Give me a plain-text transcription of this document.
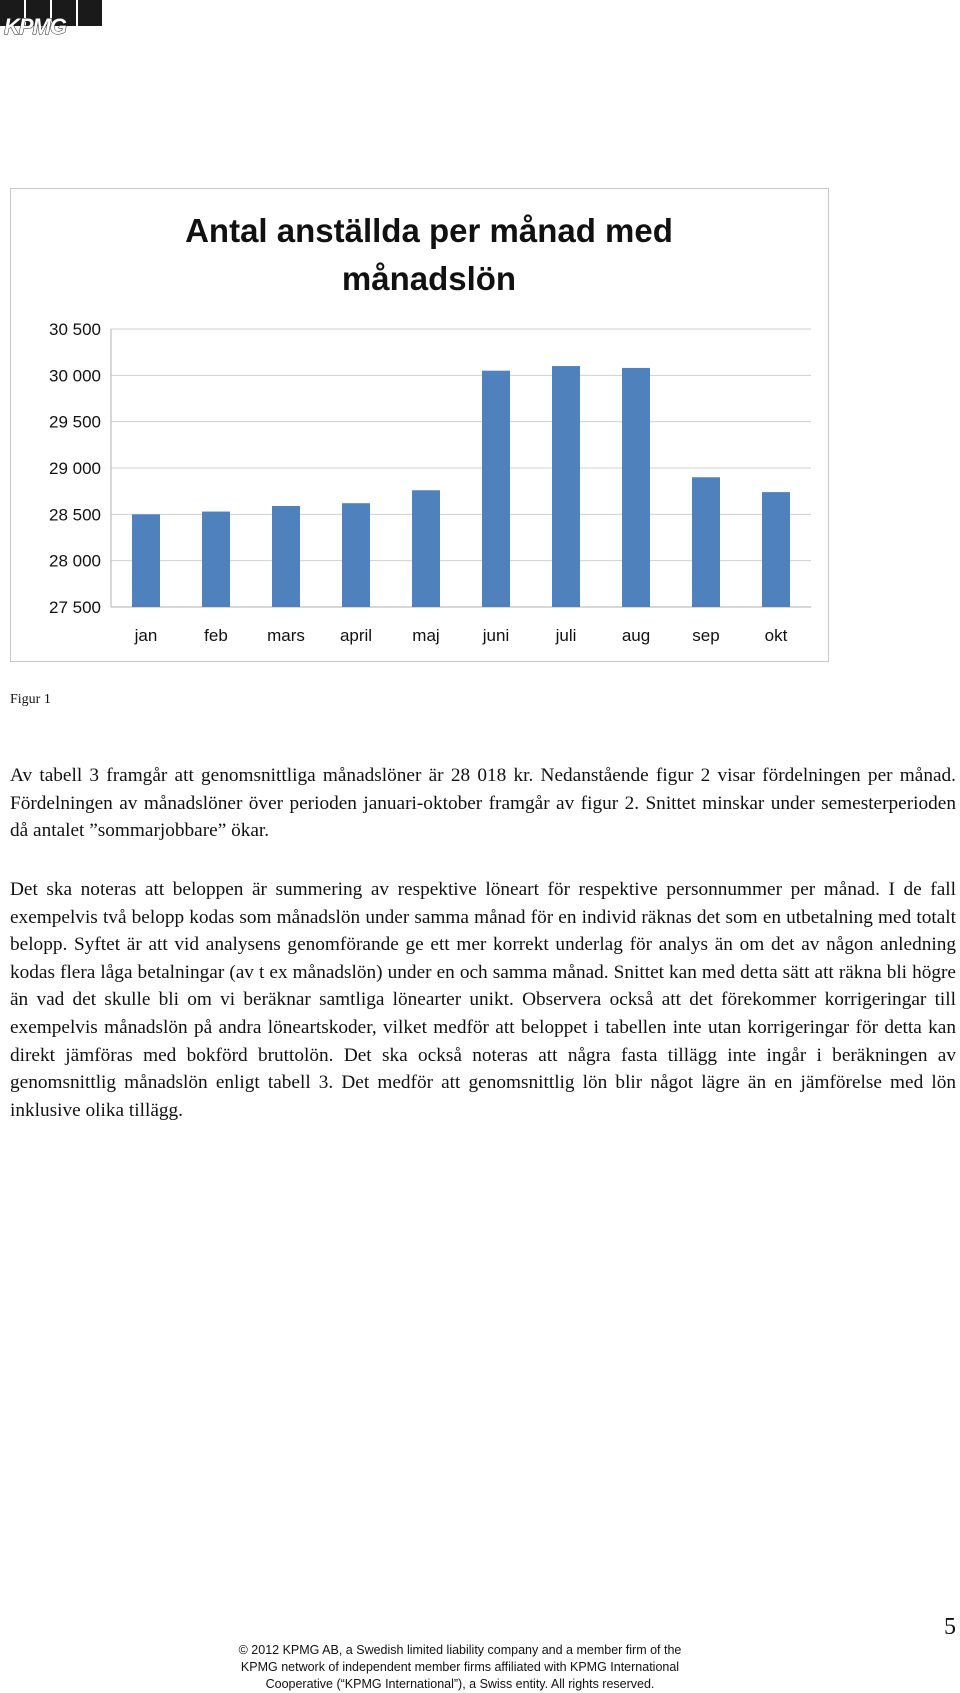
KPMG
Antal anställda per månad med
månadslön
30 500
30 000
29 500
29 000
28 500
28 000
27 500
jan	feb mars april maj	juni	juli	aug sep	okt
Figur 1
Av tabell 3 framgår att genomsnittliga månadslöner är 28 018 kr. Nedanstående figur 2 visar fördelningen per månad. Fördelningen av månadslöner över perioden januari-oktober framgår av figur 2. Snittet minskar under semesterperioden då antalet ”sommarjobbare” ökar.
Det ska noteras att beloppen är summering av respektive löneart för respektive personnummer per månad. I de fall exempelvis två belopp kodas som månadslön under samma månad för en individ räknas det som en utbetalning med totalt belopp. Syftet är att vid analysens genomförande ge ett mer korrekt underlag för analys än om det av någon anledning kodas flera låga betalningar (av t ex månadslön) under en och samma månad. Snittet kan med detta sätt att räkna bli högre än vad det skulle bli om vi beräknar samtliga lönearter unikt. Observera också att det förekommer korrigeringar till exempelvis månadslön på andra löneartskoder, vilket medför att beloppet i tabellen inte utan korrigeringar för detta kan direkt jämföras med bokförd bruttolön. Det ska också noteras att några fasta tillägg inte ingår i beräkningen av genomsnittlig månadslön enligt tabell 3. Det medför att genomsnittlig lön blir något lägre än en jämförelse med lön inklusive olika tillägg.
5
© 2012 KPMG AB, a Swedish limited liability company and a member firm of the
KPMG network of independent member firms affiliated with KPMG International
Cooperative (“KPMG International”), a Swiss entity. All rights reserved.
